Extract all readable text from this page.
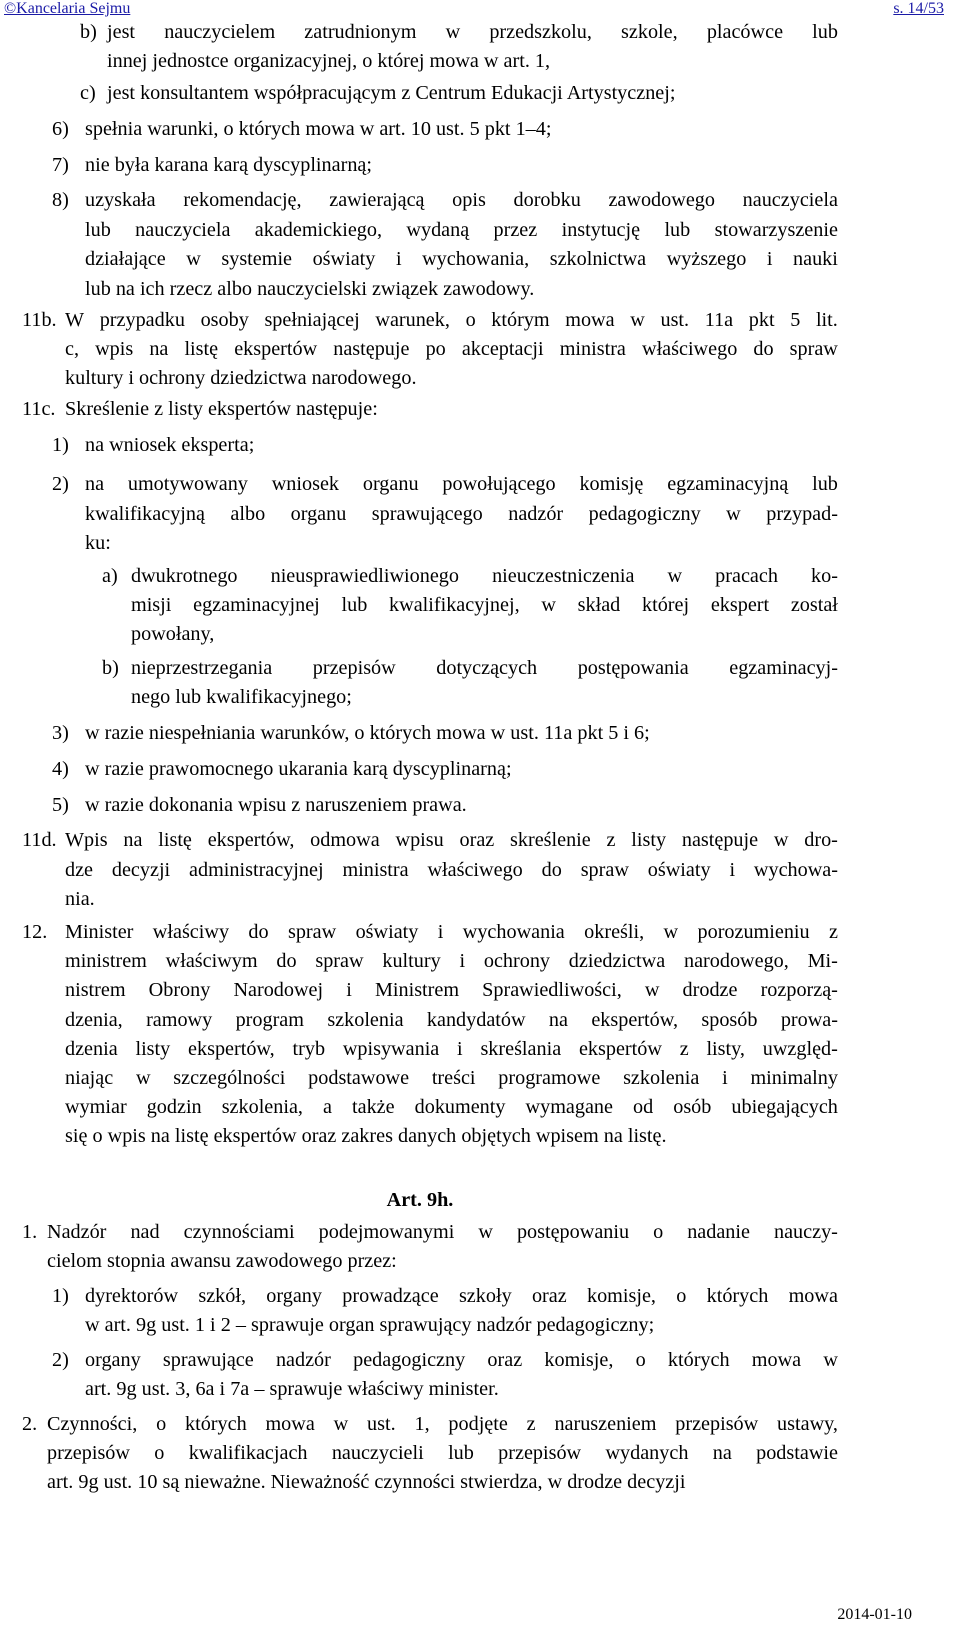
©Kancelaria Sejmu	s. 14/53
b) jest nauczycielem zatrudnionym w przedszkolu, szkole, placówce lub
innej jednostce organizacyjnej, o której mowa w art. 1,
c) jest konsultantem współpracującym z Centrum Edukacji Artystycznej;
6) spełnia warunki, o których mowa w art. 10 ust. 5 pkt 1–4;
7) nie była karana karą dyscyplinarną;
8) uzyskała rekomendację, zawierającą opis dorobku zawodowego nauczyciela
lub nauczyciela akademickiego, wydaną przez instytucję lub stowarzyszenie
działające w systemie oświaty i wychowania, szkolnictwa wyższego i nauki
lub na ich rzecz albo nauczycielski związek zawodowy.
11b. W przypadku osoby spełniającej warunek, o którym mowa w ust. 11a pkt 5 lit.
c, wpis na listę ekspertów następuje po akceptacji ministra właściwego do spraw
kultury i ochrony dziedzictwa narodowego.
11c. Skreślenie z listy ekspertów następuje:
1) na wniosek eksperta;
2) na umotywowany wniosek organu powołującego komisję egzaminacyjną lub
kwalifikacyjną albo organu sprawującego nadzór pedagogiczny w przypad-
ku:
a) dwukrotnego nieusprawiedliwionego nieuczestniczenia w pracach ko-
misji egzaminacyjnej lub kwalifikacyjnej, w skład której ekspert został
powołany,
b) nieprzestrzegania przepisów dotyczących postępowania egzaminacyj-
nego lub kwalifikacyjnego;
3) w razie niespełniania warunków, o których mowa w ust. 11a pkt 5 i 6;
4) w razie prawomocnego ukarania karą dyscyplinarną;
5) w razie dokonania wpisu z naruszeniem prawa.
11d. Wpis na listę ekspertów, odmowa wpisu oraz skreślenie z listy następuje w dro-
dze decyzji administracyjnej ministra właściwego do spraw oświaty i wychowa-
nia.
12. Minister właściwy do spraw oświaty i wychowania określi, w porozumieniu z
ministrem właściwym do spraw kultury i ochrony dziedzictwa narodowego, Mi-
nistrem Obrony Narodowej i Ministrem Sprawiedliwości, w drodze rozporzą-
dzenia, ramowy program szkolenia kandydatów na ekspertów, sposób prowa-
dzenia listy ekspertów, tryb wpisywania i skreślania ekspertów z listy, uwzględ-
niając w szczególności podstawowe treści programowe szkolenia i minimalny
wymiar godzin szkolenia, a także dokumenty wymagane od osób ubiegających
się o wpis na listę ekspertów oraz zakres danych objętych wpisem na listę.
Art. 9h.
1. Nadzór nad czynnościami podejmowanymi w postępowaniu o nadanie nauczy-
cielom stopnia awansu zawodowego przez:
1) dyrektorów szkół, organy prowadzące szkoły oraz komisje, o których mowa
w art. 9g ust. 1 i 2 – sprawuje organ sprawujący nadzór pedagogiczny;
2) organy sprawujące nadzór pedagogiczny oraz komisje, o których mowa w
art. 9g ust. 3, 6a i 7a – sprawuje właściwy minister.
2. Czynności, o których mowa w ust. 1, podjęte z naruszeniem przepisów ustawy,
przepisów o kwalifikacjach nauczycieli lub przepisów wydanych na podstawie
art. 9g ust. 10 są nieważne. Nieważność czynności stwierdza, w drodze decyzji
2014-01-10
